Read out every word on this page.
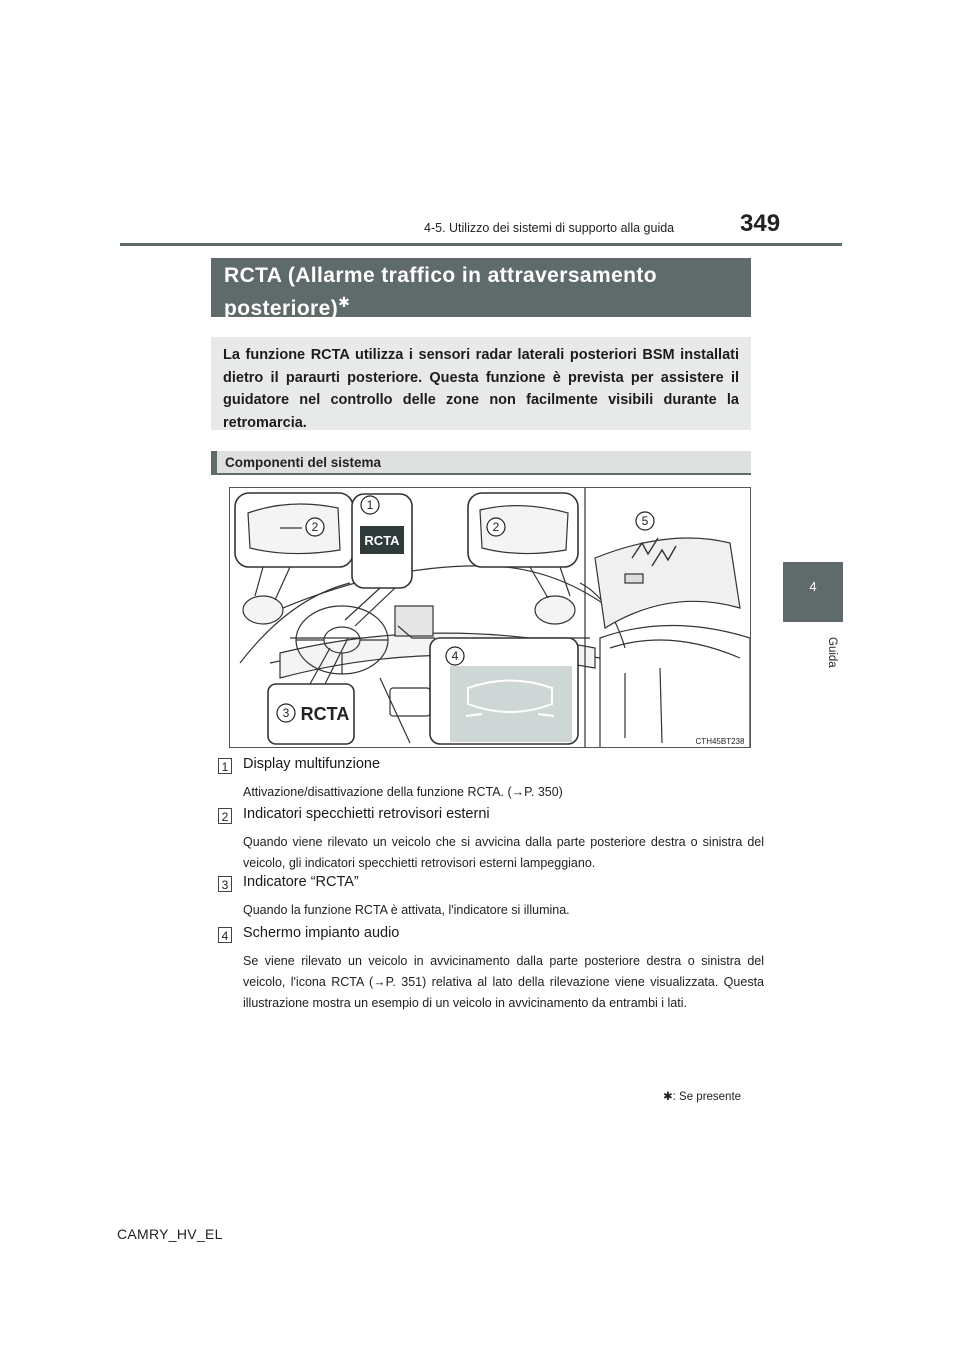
4-5. Utilizzo dei sistemi di supporto alla guida	349
4
Guida
RCTA (Allarme traffico in attraversamento posteriore)✱
La funzione RCTA utilizza i sensori radar laterali posteriori BSM installati dietro il paraurti posteriore. Questa funzione è prevista per assistere il guidatore nel controllo delle zone non facilmente visibili durante la retromarcia.
Componenti del sistema
1
2	2
3
4
5
RCTA
RCTA
CTH45BT238
1 Display multifunzione
Attivazione/disattivazione della funzione RCTA. (→P. 350)
2 Indicatori specchietti retrovisori esterni
Quando viene rilevato un veicolo che si avvicina dalla parte posteriore destra o sinistra del veicolo, gli indicatori specchietti retrovisori esterni lampeggiano.
3 Indicatore “RCTA”
Quando la funzione RCTA è attivata, l'indicatore si illumina.
4 Schermo impianto audio
Se viene rilevato un veicolo in avvicinamento dalla parte posteriore destra o sinistra del veicolo, l'icona RCTA (→P. 351) relativa al lato della rilevazione viene visualizzata. Questa illustrazione mostra un esempio di un veicolo in avvicinamento da entrambi i lati.
✱: Se presente
CAMRY_HV_EL
